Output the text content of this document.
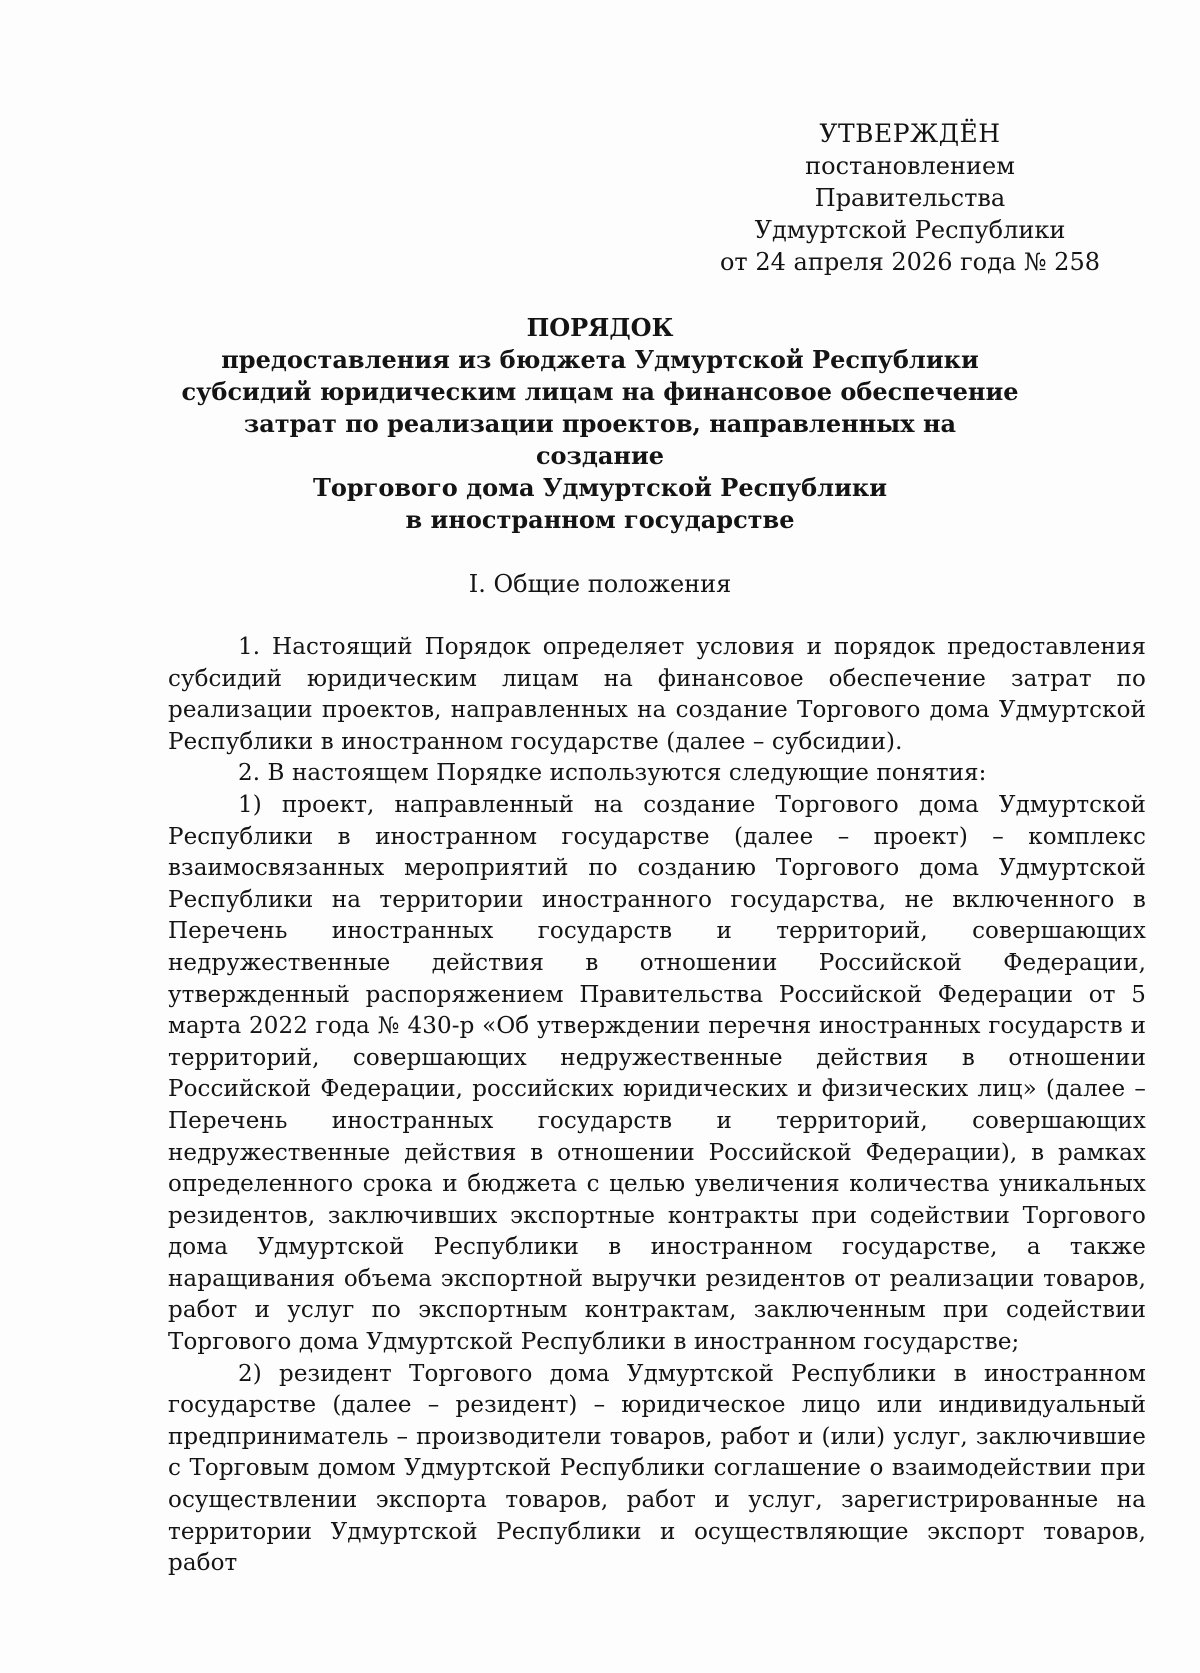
УТВЕРЖДЁН
постановлением Правительства
Удмуртской Республики
от 24 апреля 2026 года № 258
ПОРЯДОК
предоставления из бюджета Удмуртской Республики
субсидий юридическим лицам на финансовое обеспечение
затрат по реализации проектов, направленных на создание
Торгового дома Удмуртской Республики
в иностранном государстве
I. Общие положения

1. Настоящий Порядок определяет условия и порядок предоставления субсидий юридическим лицам на финансовое обеспечение затрат по реализации проектов, направленных на создание Торгового дома Удмуртской Республики в иностранном государстве (далее – субсидии).

2. В настоящем Порядке используются следующие понятия:

1) проект, направленный на создание Торгового дома Удмуртской Республики в иностранном государстве (далее – проект) – комплекс взаимосвязанных мероприятий по созданию Торгового дома Удмуртской Республики на территории иностранного государства, не включенного в Перечень иностранных государств и территорий, совершающих недружественные действия в отношении Российской Федерации, утвержденный распоряжением Правительства Российской Федерации от 5 марта 2022 года № 430-р «Об утверждении перечня иностранных государств и территорий, совершающих недружественные действия в отношении Российской Федерации, российских юридических и физических лиц» (далее – Перечень иностранных государств и территорий, совершающих недружественные действия в отношении Российской Федерации), в рамках определенного срока и бюджета с целью увеличения количества уникальных резидентов, заключивших экспортные контракты при содействии Торгового дома Удмуртской Республики в иностранном государстве, а также наращивания объема экспортной выручки резидентов от реализации товаров, работ и услуг по экспортным контрактам, заключенным при содействии Торгового дома Удмуртской Республики в иностранном государстве;

2) резидент Торгового дома Удмуртской Республики в иностранном государстве (далее – резидент) – юридическое лицо или индивидуальный предприниматель – производители товаров, работ и (или) услуг, заключившие с Торговым домом Удмуртской Республики соглашение о взаимодействии при осуществлении экспорта товаров, работ и услуг, зарегистрированные на территории Удмуртской Республики и осуществляющие экспорт товаров, работ
